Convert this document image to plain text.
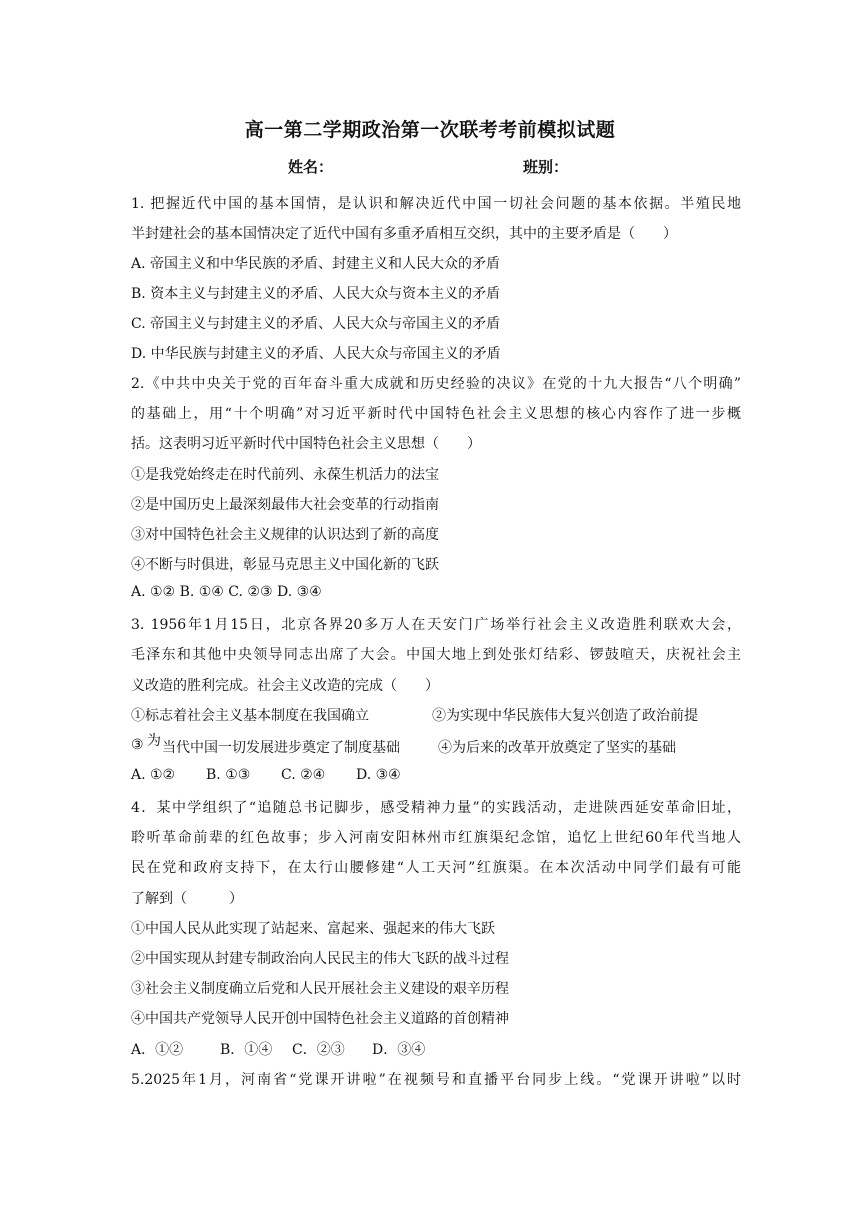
高一第二学期政治第一次联考考前模拟试题
姓名：	班别：
1. 把握近代中国的基本国情，是认识和解决近代中国一切社会问题的基本依据。半殖民地
半封建社会的基本国情决定了近代中国有多重矛盾相互交织，其中的主要矛盾是（　　）
A. 帝国主义和中华民族的矛盾、封建主义和人民大众的矛盾
B. 资本主义与封建主义的矛盾、人民大众与资本主义的矛盾
C. 帝国主义与封建主义的矛盾、人民大众与帝国主义的矛盾
D. 中华民族与封建主义的矛盾、人民大众与帝国主义的矛盾
2.《中共中央关于党的百年奋斗重大成就和历史经验的决议》在党的十九大报告“八个明确”
的基础上，用“十个明确”对习近平新时代中国特色社会主义思想的核心内容作了进一步概
括。这表明习近平新时代中国特色社会主义思想（　　）
①是我党始终走在时代前列、永葆生机活力的法宝
②是中国历史上最深刻最伟大社会变革的行动指南
③对中国特色社会主义规律的认识达到了新的高度
④不断与时俱进，彰显马克思主义中国化新的飞跃
A. ①② B. ①④ C. ②③ D. ③④
3. 1956年1月15日，北京各界20多万人在天安门广场举行社会主义改造胜利联欢大会，
毛泽东和其他中央领导同志出席了大会。中国大地上到处张灯结彩、锣鼓喧天，庆祝社会主
义改造的胜利完成。社会主义改造的完成（　　）
①标志着社会主义基本制度在我国确立	②为实现中华民族伟大复兴创造了政治前提
③ 为 当代中国一切发展进步奠定了制度基础	④为后来的改革开放奠定了坚实的基础
A. ①② B. ①③ C. ②④ D. ③④
4．某中学组织了“追随总书记脚步，感受精神力量”的实践活动，走进陕西延安革命旧址，
聆听革命前辈的红色故事；步入河南安阳林州市红旗渠纪念馆，追忆上世纪60年代当地人
民在党和政府支持下，在太行山腰修建“人工天河”红旗渠。在本次活动中同学们最有可能
了解到（　　　）
①中国人民从此实现了站起来、富起来、强起来的伟大飞跃
②中国实现从封建专制政治向人民民主的伟大飞跃的战斗过程
③社会主义制度确立后党和人民开展社会主义建设的艰辛历程
④中国共产党领导人民开创中国特色社会主义道路的首创精神
A．①②	B．①④ C．②③ D．③④
5.2025年1月，河南省“党课开讲啦”在视频号和直播平台同步上线。“党课开讲啦”以时
